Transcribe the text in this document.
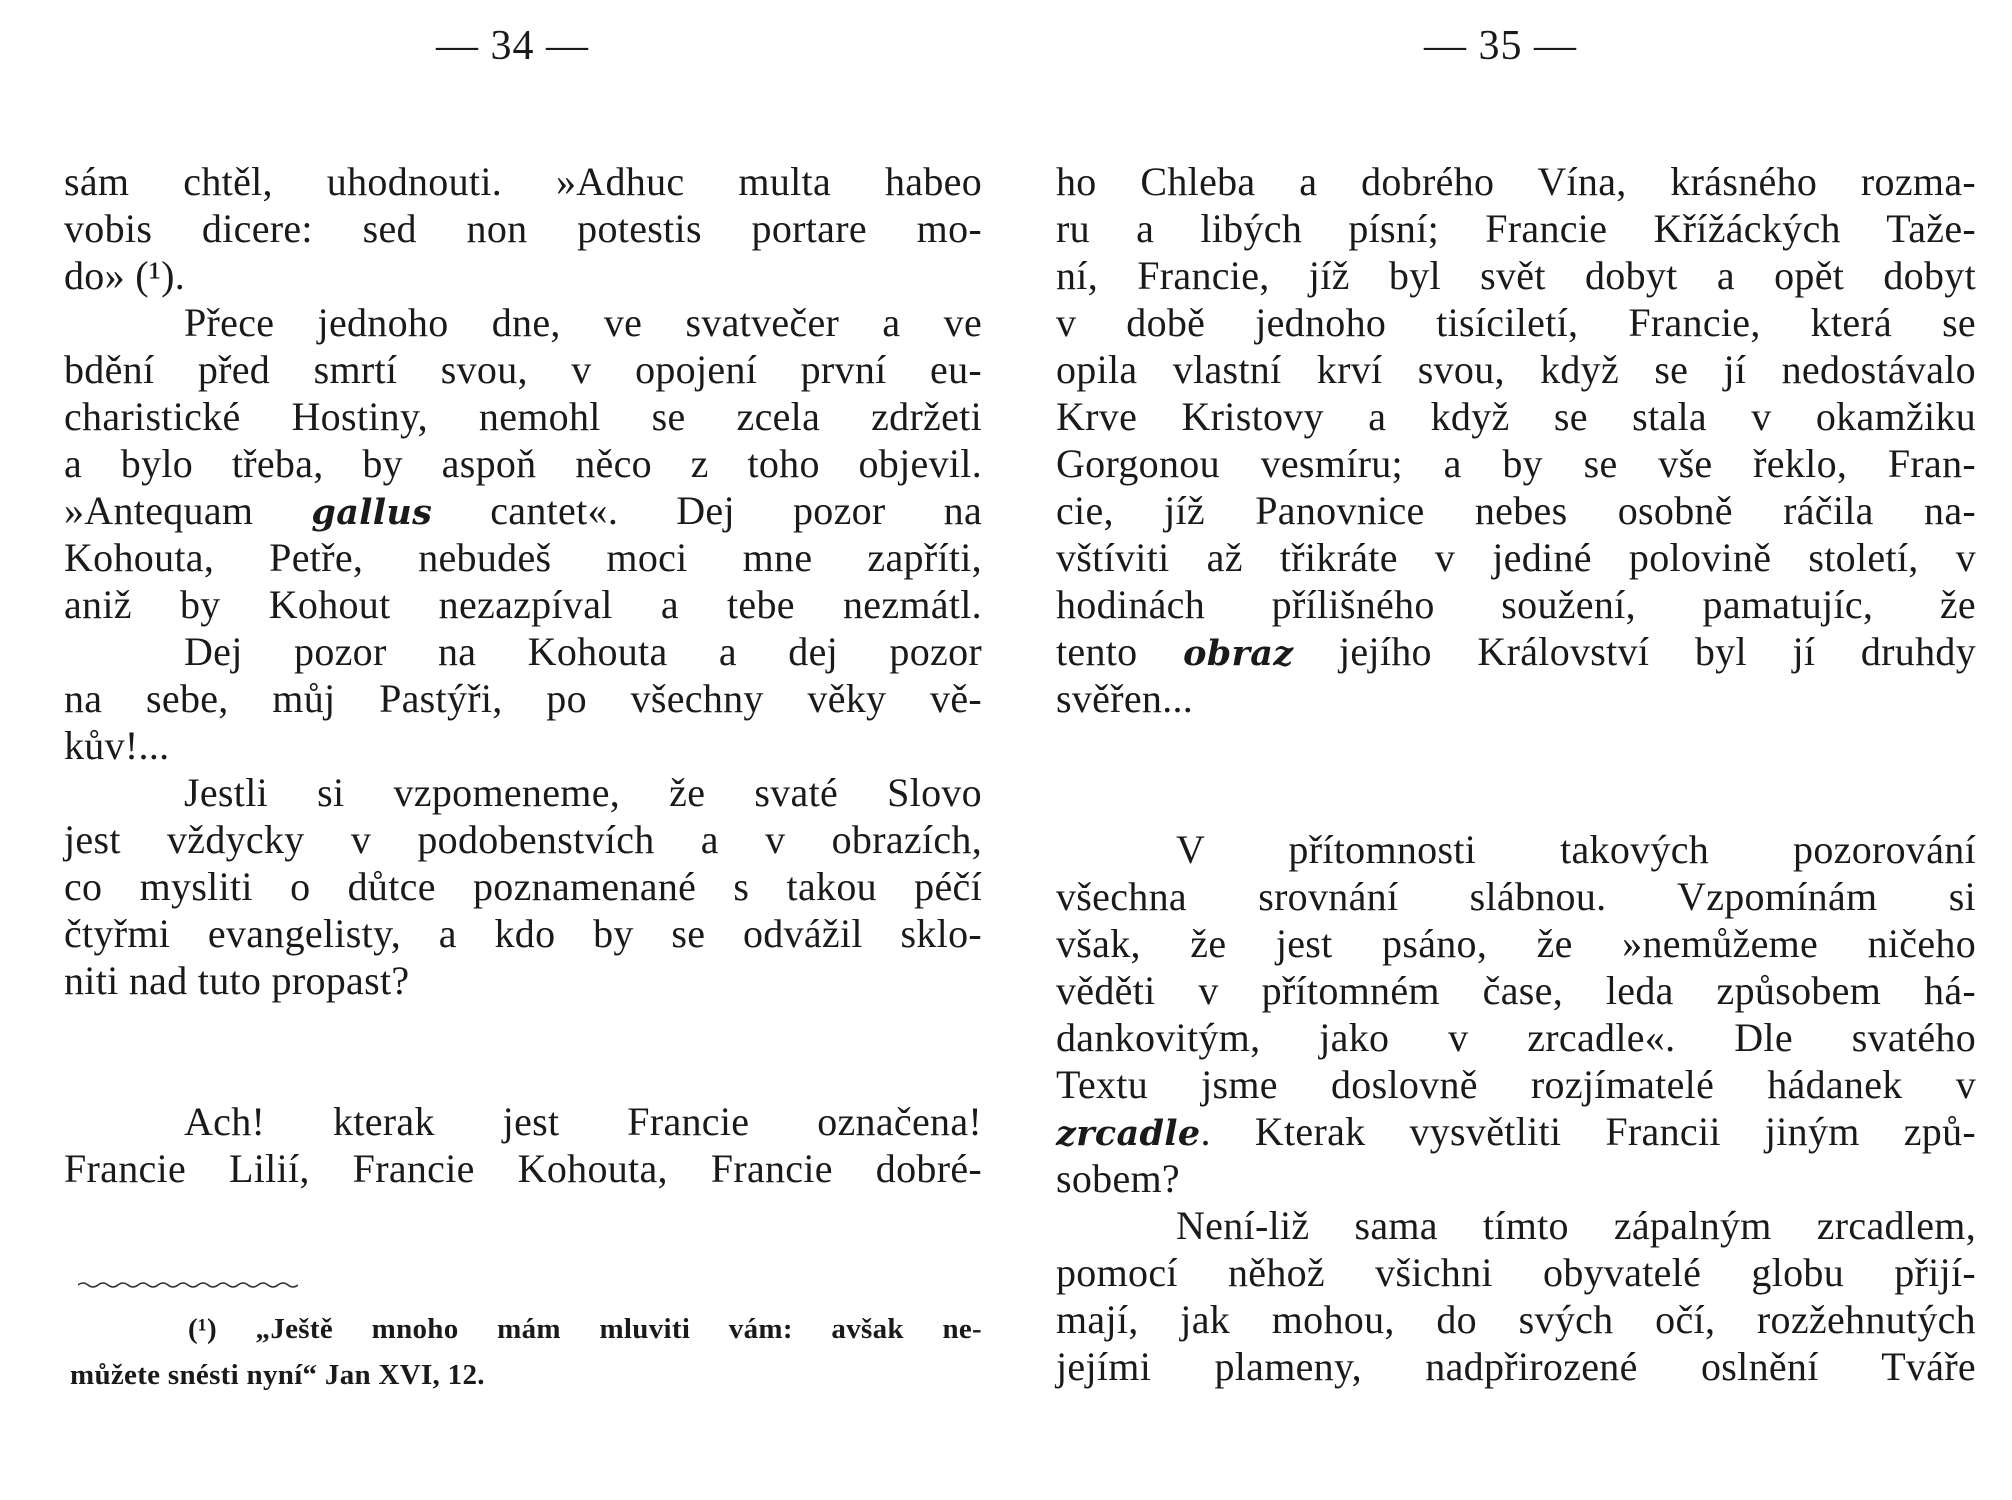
— 34 —
sám chtěl, uhodnouti. »Adhuc multa habeo
vobis dicere: sed non potestis portare mo-
do» (¹).
Přece jednoho dne, ve svatvečer a ve
bdění před smrtí svou, v opojení první eu-
charistické Hostiny, nemohl se zcela zdržeti
a bylo třeba, by aspoň něco z toho objevil.
»Antequam gallus cantet«. Dej pozor na
Kohouta, Petře, nebudeš moci mne zapříti,
aniž by Kohout nezazpíval a tebe nezmátl.
Dej pozor na Kohouta a dej pozor
na sebe, můj Pastýři, po všechny věky vě-
kův!...
Jestli si vzpomeneme, že svaté Slovo
jest vždycky v podobenstvích a v obrazích,
co mysliti o důtce poznamenané s takou péčí
čtyřmi evangelisty, a kdo by se odvážil sklo-
niti nad tuto propast?
Ach! kterak jest Francie označena!
Francie Lilií, Francie Kohouta, Francie dobré-
(¹) „Ještě mnoho mám mluviti vám: avšak ne-
můžete snésti nyní“ Jan XVI, 12.
— 35 —
ho Chleba a dobrého Vína, krásného rozma-
ru a libých písní; Francie Křížáckých Taže-
ní, Francie, jíž byl svět dobyt a opět dobyt
v době jednoho tisíciletí, Francie, která se
opila vlastní krví svou, když se jí nedostávalo
Krve Kristovy a když se stala v okamžiku
Gorgonou vesmíru; a by se vše řeklo, Fran-
cie, jíž Panovnice nebes osobně ráčila na-
vštíviti až třikráte v jediné polovině století, v
hodinách přílišného soužení, pamatujíc, že
tento obraz jejího Království byl jí druhdy
svěřen...
V přítomnosti takových pozorování
všechna srovnání slábnou. Vzpomínám si
však, že jest psáno, že »nemůžeme ničeho
věděti v přítomném čase, leda způsobem há-
dankovitým, jako v zrcadle«. Dle svatého
Textu jsme doslovně rozjímatelé hádanek v
zrcadle. Kterak vysvětliti Francii jiným způ-
sobem?
Není-liž sama tímto zápalným zrcadlem,
pomocí něhož všichni obyvatelé globu přijí-
mají, jak mohou, do svých očí, rozžehnutých
jejími plameny, nadpřirozené oslnění Tváře
